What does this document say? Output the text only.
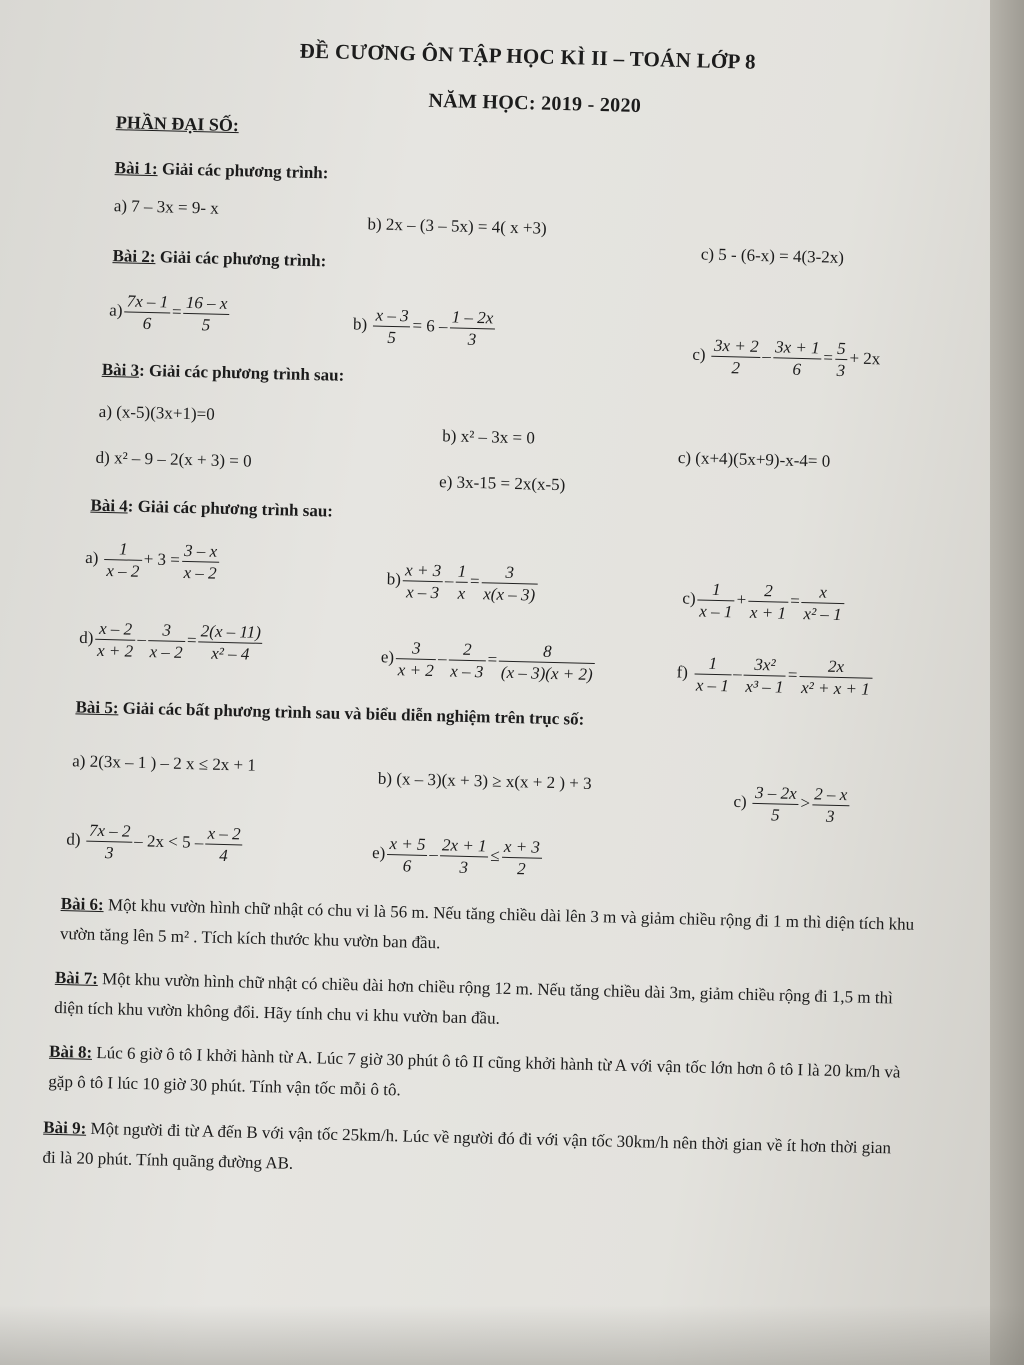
ĐỀ CƯƠNG ÔN TẬP HỌC KÌ II – TOÁN LỚP 8
NĂM HỌC: 2019 - 2020
PHẦN ĐẠI SỐ:
Bài 1: Giải các phương trình:
a) 7 – 3x = 9- x
b) 2x – (3 – 5x) = 4( x +3)
c) 5 - (6-x) = 4(3-2x)
Bài 2: Giải các phương trình:
$a) \frac{7x - 1}{6} = \frac{16 - x}{5}$	$b) \frac{x - 3}{5} = 6 - \frac{1 - 2x}{3}$
$c) \frac{3x + 2}{2} - \frac{3x + 1}{6} = \frac{5}{3} + 2x$
Bài 3: Giải các phương trình sau:
a) (x-5)(3x+1)=0
b) x² – 3x = 0
c) (x+4)(5x+9)-x-4= 0
d) x² – 9 – 2(x + 3) = 0
e) 3x-15 = 2x(x-5)
Bài 4: Giải các phương trình sau:
$a) \frac{1}{x - 2} + 3 = \frac{3 - x}{x - 2}$	$b) \frac{x + 3}{x - 3} - \frac{1}{x} = \frac{3}{x(x - 3)}$	$c) \frac{1}{x - 1} + \frac{2}{x + 1} = \frac{x}{\text{x² – 1}}$
$d) \frac{x - 2}{x + 2} - \frac{3}{x - 2} = \frac{2(x - 11)}{\text{x² – 4}}$	$e) \frac{3}{x + 2} - \frac{2}{x - 3} = \frac{8}{(x - 3)(x + 2)}$	$f) \frac{1}{x - 1} - \frac{\text{3x²}}{\text{x³ – 1}} = \frac{2x}{\text{x² + x + 1}}$
Bài 5: Giải các bất phương trình sau và biểu diễn nghiệm trên trục số:
a) 2(3x – 1 ) – 2 x ≤ 2x + 1
b) (x – 3)(x + 3) ≥ x(x + 2 ) + 3
$c) \frac{3 - 2x}{5} > \frac{2 - x}{3}$
$d) \frac{7x - 2}{3} - 2x < 5 - \frac{x - 2}{4}$	$e) \frac{x + 5}{6} - \frac{2x + 1}{3} \le \frac{x + 3}{2}$
Bài 6: Một khu vườn hình chữ nhật có chu vi là 56 m. Nếu tăng chiều dài lên 3 m và giảm chiều rộng đi 1 m thì diện tích khu vườn tăng lên 5 m² . Tích kích thước khu vườn ban đầu.
Bài 7: Một khu vườn hình chữ nhật có chiều dài hơn chiều rộng 12 m. Nếu tăng chiều dài 3m, giảm chiều rộng đi 1,5 m thì diện tích khu vườn không đổi. Hãy tính chu vi khu vườn ban đầu.
Bài 8: Lúc 6 giờ ô tô I khởi hành từ A. Lúc 7 giờ 30 phút ô tô II cũng khởi hành từ A với vận tốc lớn hơn ô tô I là 20 km/h và gặp ô tô I lúc 10 giờ 30 phút. Tính vận tốc mỗi ô tô.
Bài 9: Một người đi từ A đến B với vận tốc 25km/h. Lúc về người đó đi với vận tốc 30km/h nên thời gian về ít hơn thời gian đi là 20 phút. Tính quãng đường AB.
